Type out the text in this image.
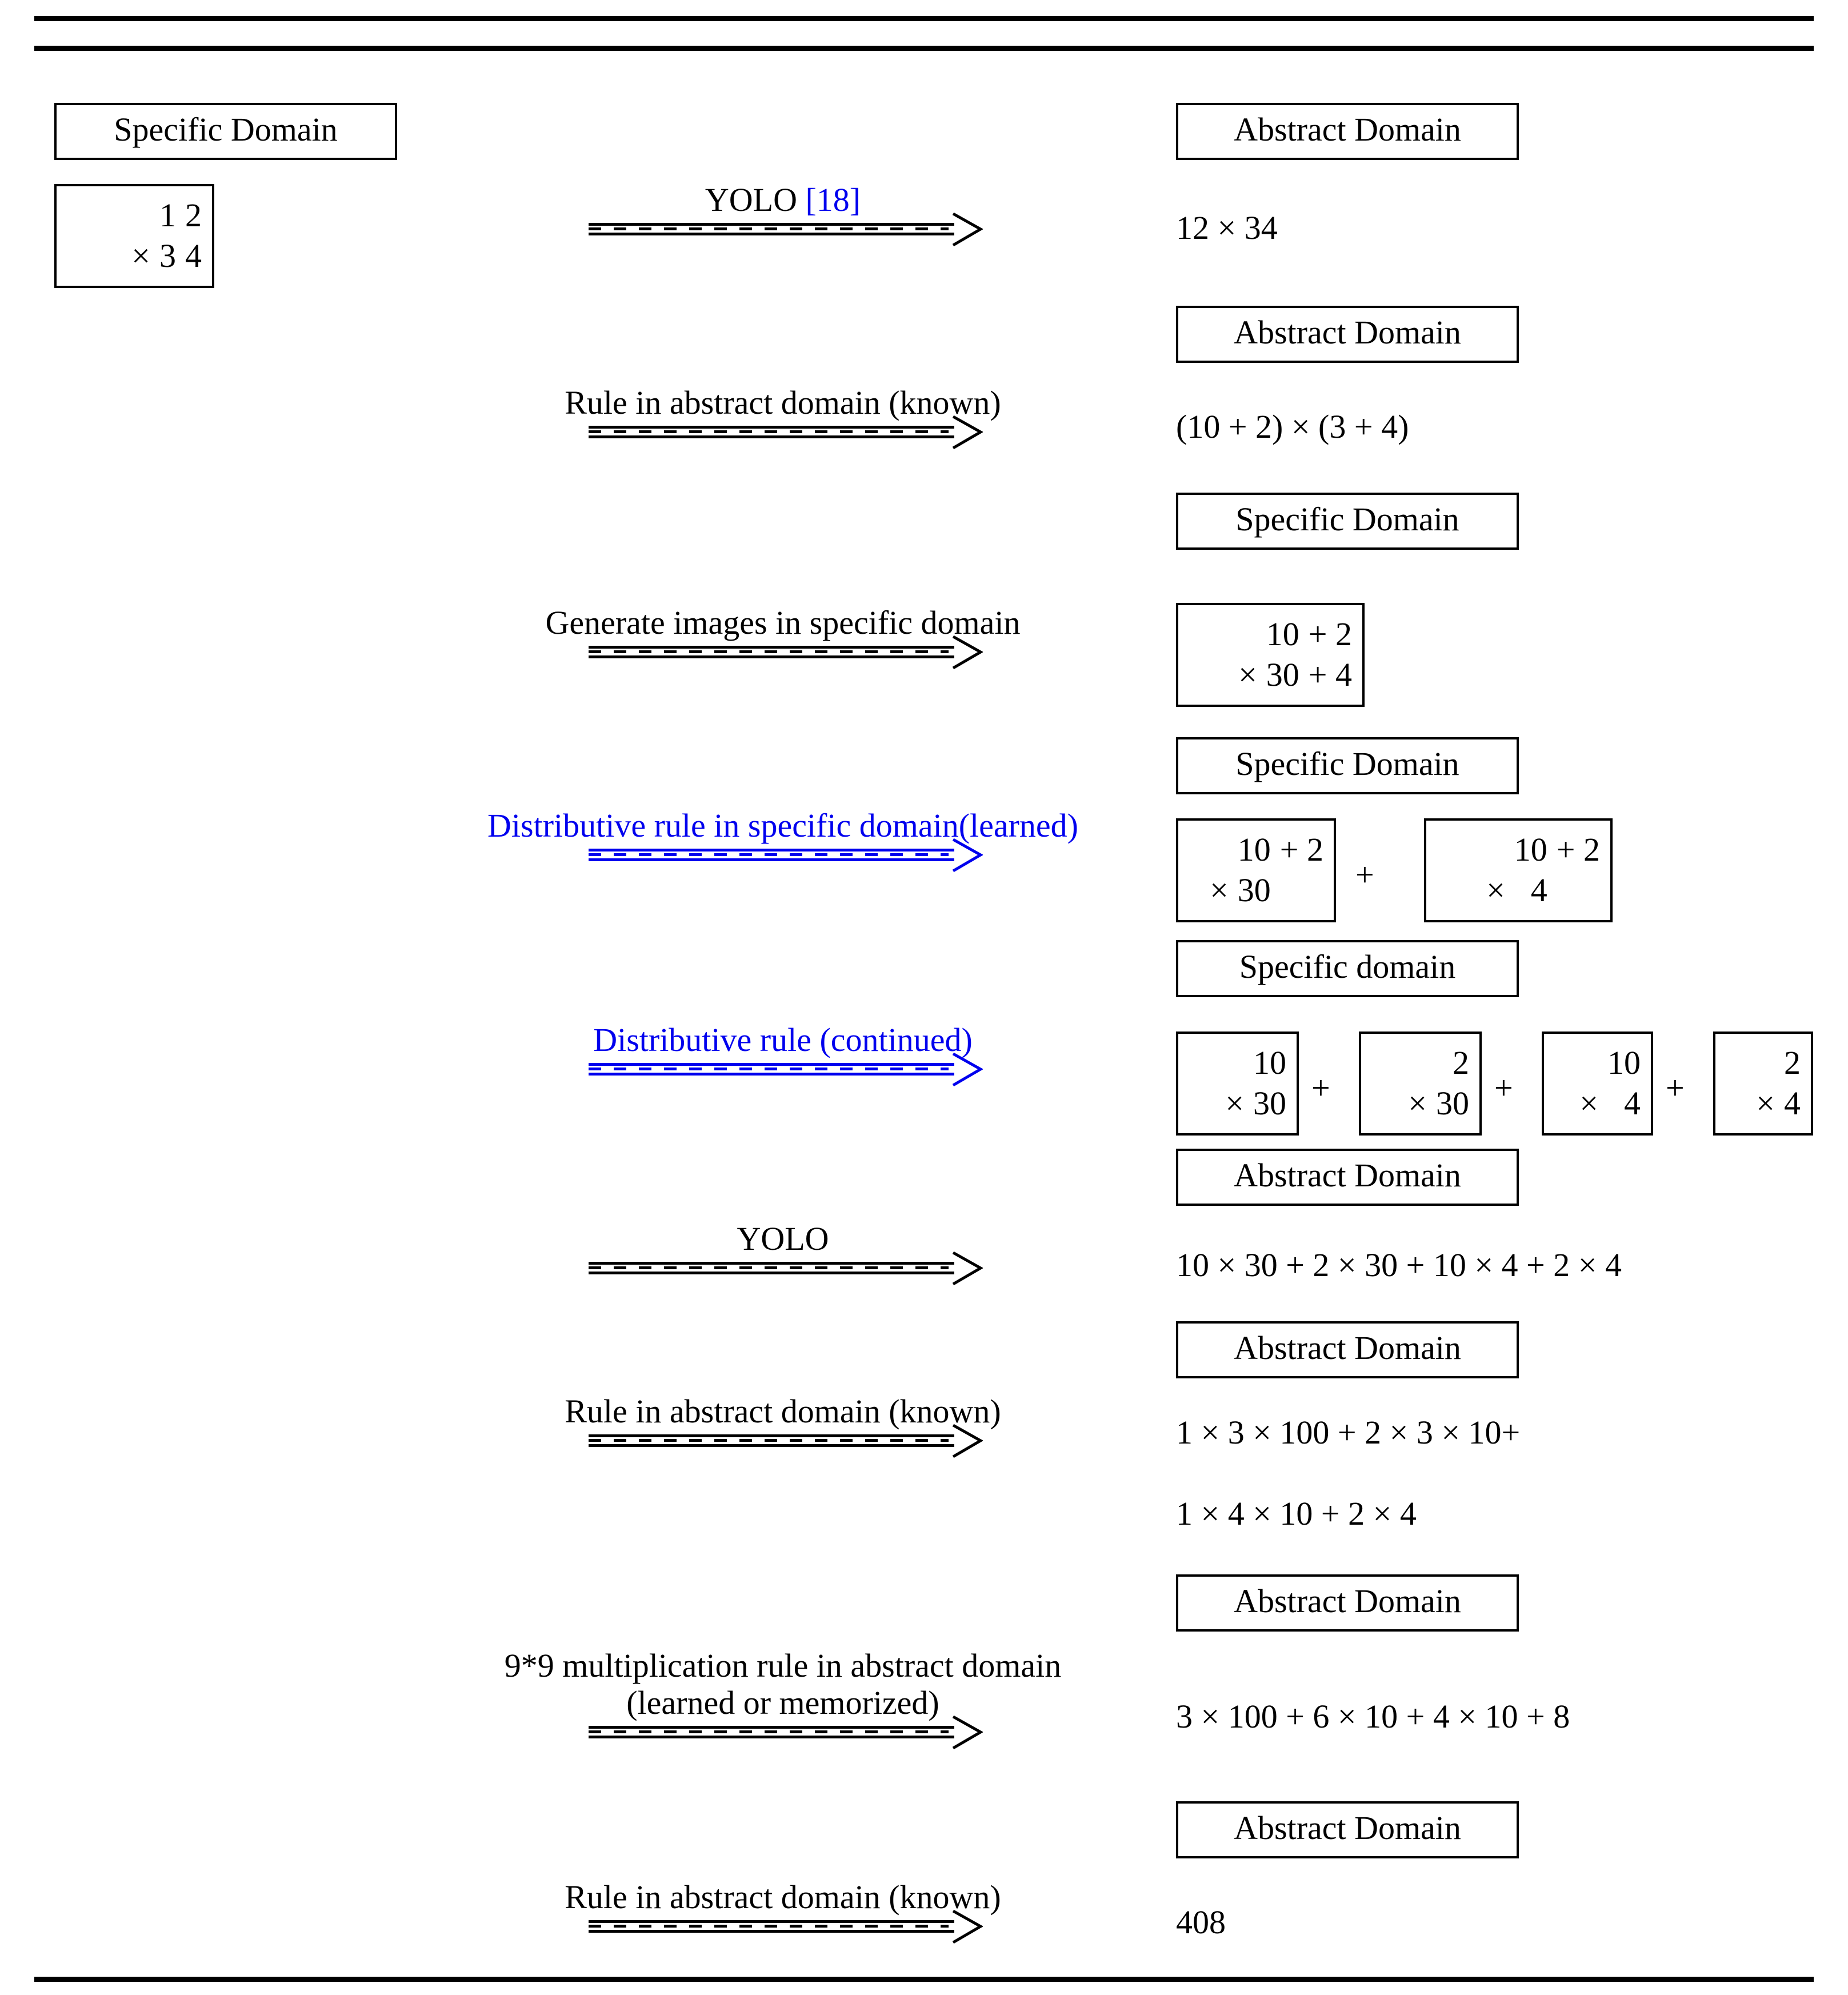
Specific Domain
1 2
× 3 4
Abstract Domain
YOLO [18]
12 × 34
Abstract Domain
Rule in abstract domain (known)
(10 + 2) × (3 + 4)
Specific Domain
Generate images in specific domain	10 + 2
× 30 + 4
Specific Domain
Distributive rule in specific domain(learned)
10 + 2
× 30	+
10 + 2
× 4
Specific domain
Distributive rule (continued)
10
× 30 +
2
× 30 +
10
× 4 +
2
× 4
Abstract Domain
YOLO
10 × 30 + 2 × 30 + 10 × 4 + 2 × 4
Abstract Domain
Rule in abstract domain (known)
1 × 3 × 100 + 2 × 3 × 10+
1 × 4 × 10 + 2 × 4
Abstract Domain
9*9 multiplication rule in abstract domain
(learned or memorized)	3 × 100 + 6 × 10 + 4 × 10 + 8
Abstract Domain
Rule in abstract domain (known)
408
